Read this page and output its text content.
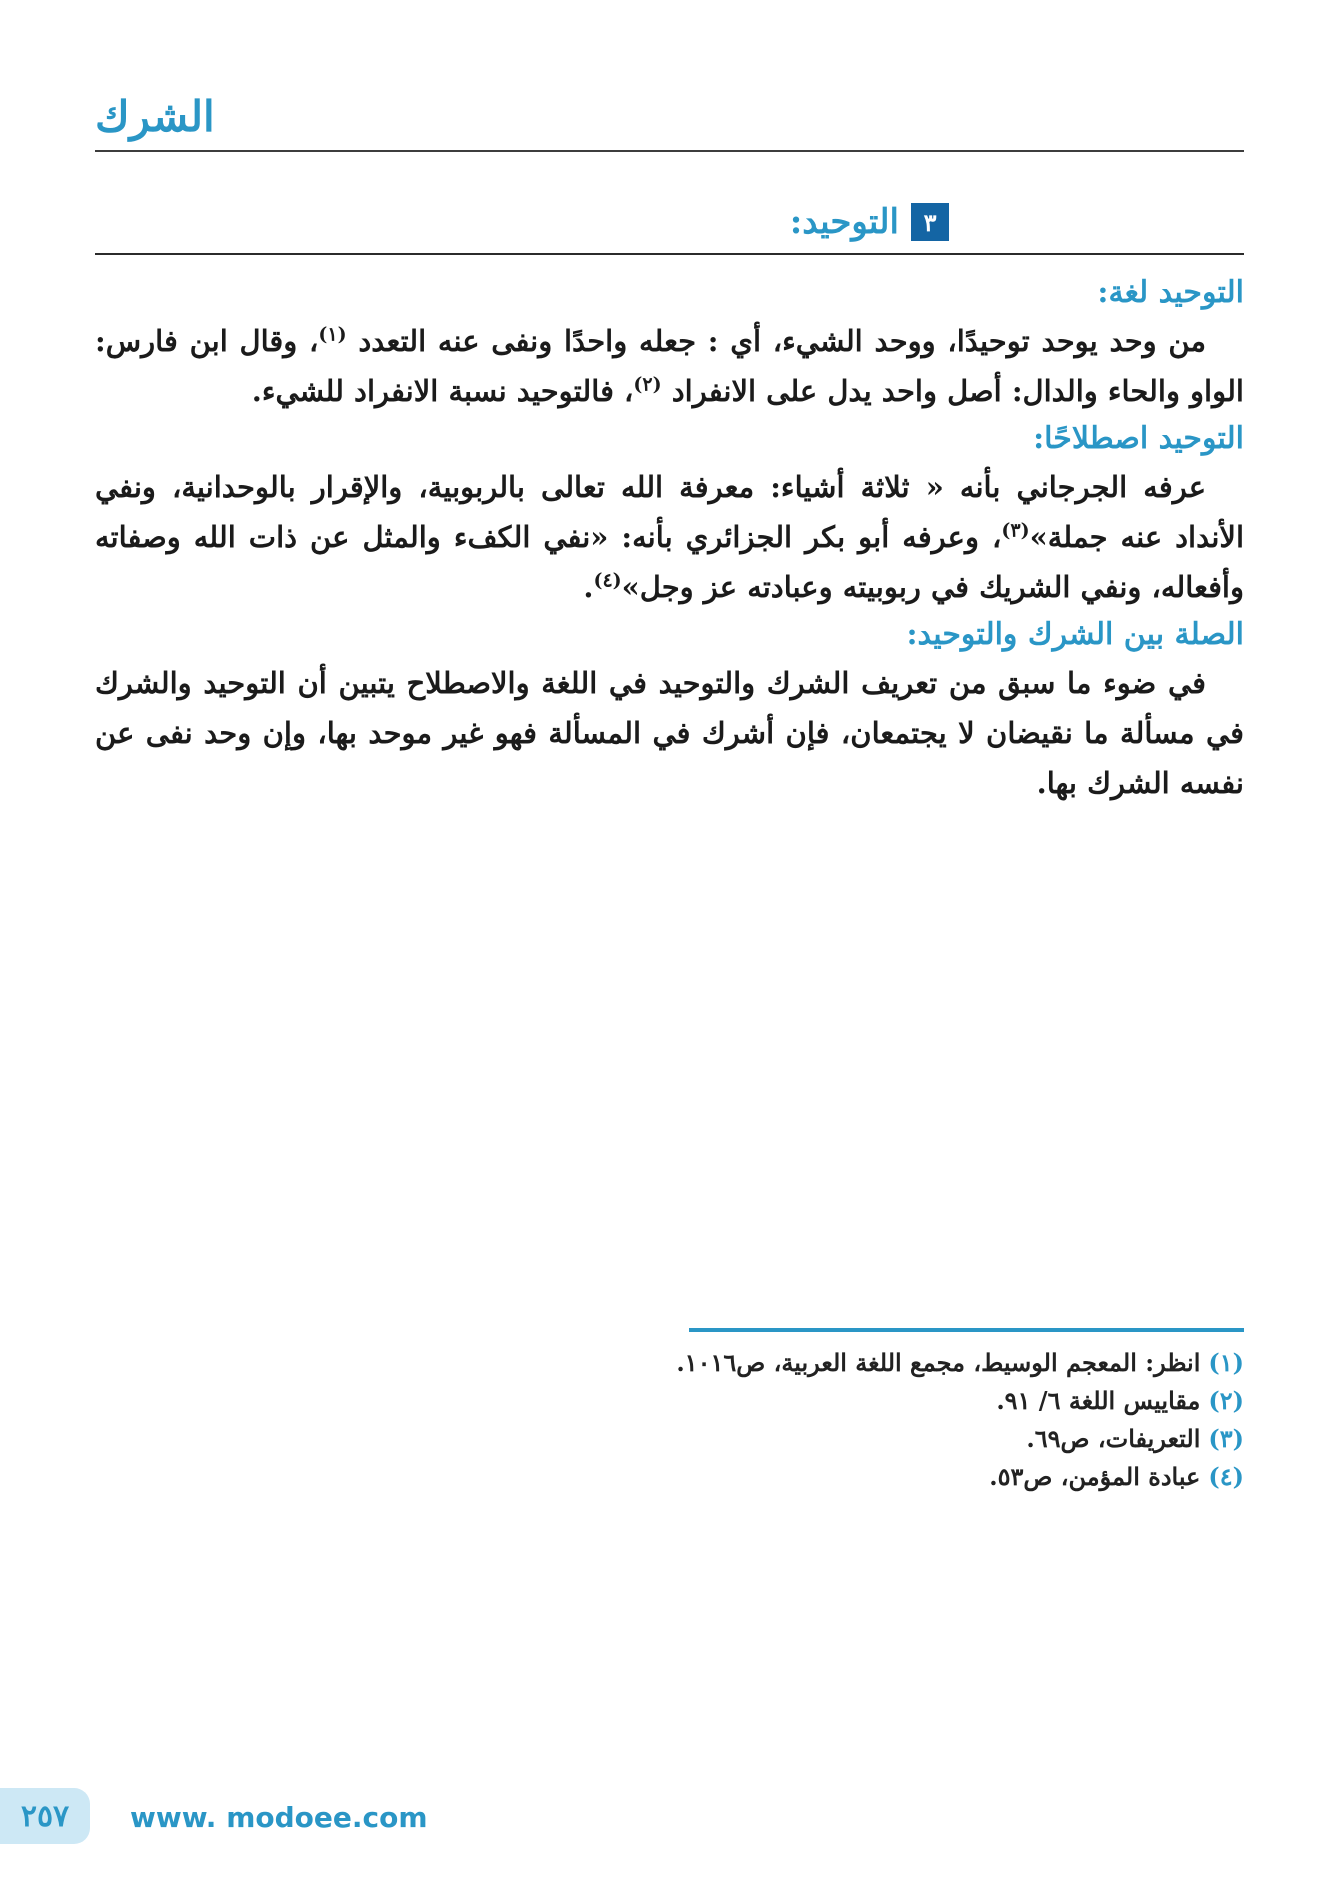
الشرك
٣
التوحيد:
التوحيد لغة:

من وحد يوحد توحيدًا، ووحد الشيء، أي : جعله واحدًا ونفى عنه التعدد $^{(١)}$، وقال ابن فارس: الواو والحاء والدال: أصل واحد يدل على الانفراد $^{(٢)}$، فالتوحيد نسبة الانفراد للشيء.

التوحيد اصطلاحًا:

عرفه الجرجاني بأنه « ثلاثة أشياء: معرفة الله تعالى بالربوبية، والإقرار بالوحدانية، ونفي الأنداد عنه جملة»$^{(٣)}$، وعرفه أبو بكر الجزائري بأنه: «نفي الكفء والمثل عن ذات الله وصفاته وأفعاله، ونفي الشريك في ربوبيته وعبادته عز وجل»$^{(٤)}$.

الصلة بين الشرك والتوحيد:

في ضوء ما سبق من تعريف الشرك والتوحيد في اللغة والاصطلاح يتبين أن التوحيد والشرك في مسألة ما نقيضان لا يجتمعان، فإن أشرك في المسألة فهو غير موحد بها، وإن وحد نفى عن نفسه الشرك بها.

(١)انظر: المعجم الوسيط، مجمع اللغة العربية، ص١٠١٦.
(٢)مقاييس اللغة ٦/ ٩١.
(٣)التعريفات، ص٦٩.
(٤)عبادة المؤمن، ص٥٣.
٢٥٧ www. modoee.com
